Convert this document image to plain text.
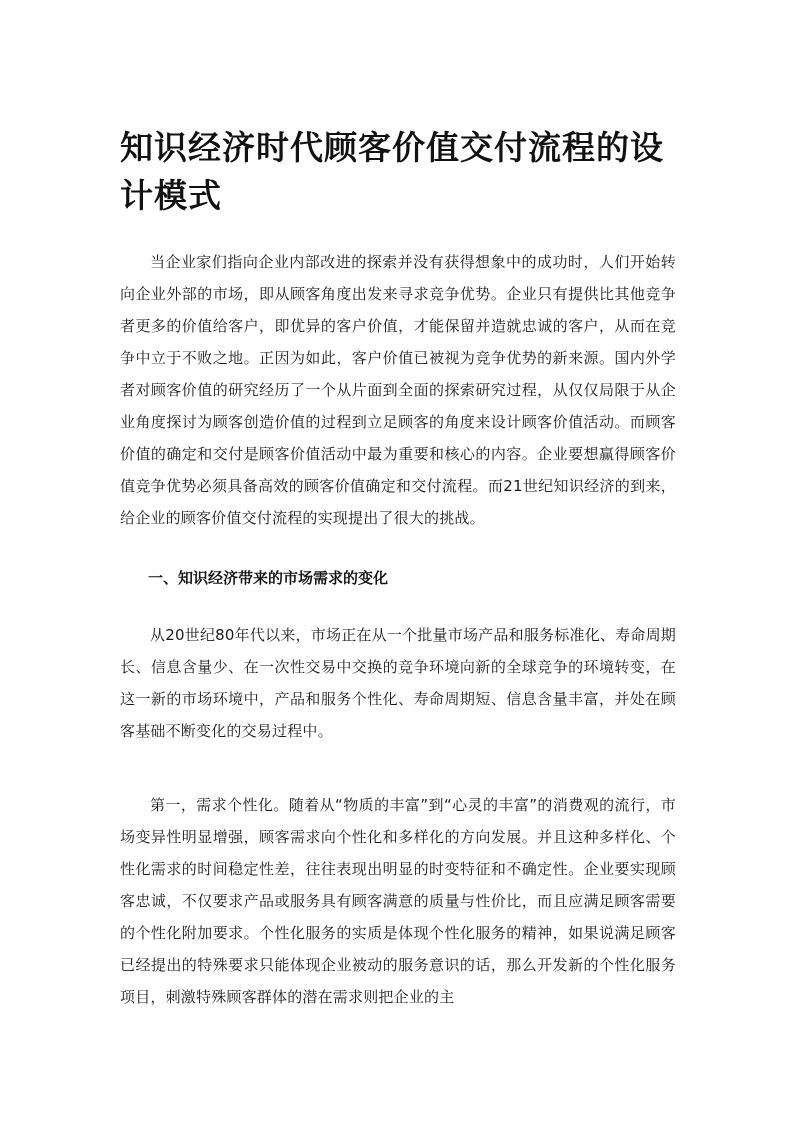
知识经济时代顾客价值交付流程的设计模式

当企业家们指向企业内部改进的探索并没有获得想象中的成功时，人们开始转向企业外部的市场，即从顾客角度出发来寻求竞争优势。企业只有提供比其他竞争者更多的价值给客户，即优异的客户价值，才能保留并造就忠诚的客户，从而在竞争中立于不败之地。正因为如此，客户价值已被视为竞争优势的新来源。国内外学者对顾客价值的研究经历了一个从片面到全面的探索研究过程，从仅仅局限于从企业角度探讨为顾客创造价值的过程到立足顾客的角度来设计顾客价值活动。而顾客价值的确定和交付是顾客价值活动中最为重要和核心的内容。企业要想赢得顾客价值竞争优势必须具备高效的顾客价值确定和交付流程。而21世纪知识经济的到来，给企业的顾客价值交付流程的实现提出了很大的挑战。

一、知识经济带来的市场需求的变化

从20世纪80年代以来，市场正在从一个批量市场产品和服务标准化、寿命周期长、信息含量少、在一次性交易中交换的竞争环境向新的全球竞争的环境转变，在这一新的市场环境中，产品和服务个性化、寿命周期短、信息含量丰富，并处在顾客基础不断变化的交易过程中。

第一，需求个性化。随着从“物质的丰富”到“心灵的丰富”的消费观的流行，市场变异性明显增强，顾客需求向个性化和多样化的方向发展。并且这种多样化、个性化需求的时间稳定性差，往往表现出明显的时变特征和不确定性。企业要实现顾客忠诚，不仅要求产品或服务具有顾客满意的质量与性价比，而且应满足顾客需要的个性化附加要求。个性化服务的实质是体现个性化服务的精神，如果说满足顾客已经提出的特殊要求只能体现企业被动的服务意识的话，那么开发新的个性化服务项目，刺激特殊顾客群体的潜在需求则把企业的主
